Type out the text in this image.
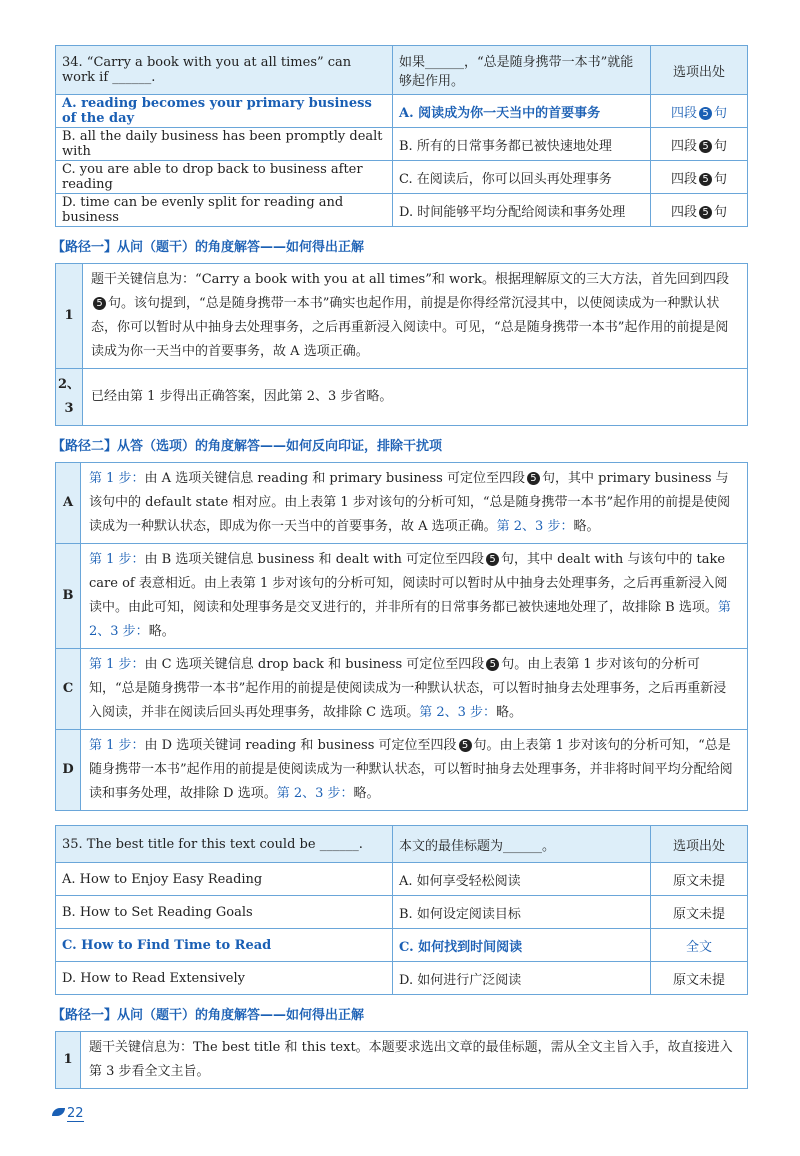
34. “Carry a book with you at all times” can work if ______.	如果______，“总是随身携带一本书”就能够起作用。	选项出处
A. reading becomes your primary business of the day	A. 阅读成为你一天当中的首要事务	四段 5 句
B. all the daily business has been promptly dealt with	B. 所有的日常事务都已被快速地处理	四段 5 句
C. you are able to drop back to business after reading	C. 在阅读后，你可以回头再处理事务	四段 5 句
D. time can be evenly split for reading and business	D. 时间能够平均分配给阅读和事务处理	四段 5 句
【路径一】从问（题干）的角度解答——如何得出正解
1	题干关键信息为：“Carry a book with you at all times”和 work。根据理解原文的三大方法，首先回到四段5 句。该句提到，“总是随身携带一本书”确实也起作用，前提是你得经常沉浸其中，以使阅读成为一种默认状态，你可以暂时从中抽身去处理事务，之后再重新浸入阅读中。可见，“总是随身携带一本书”起作用的前提是阅读成为你一天当中的首要事务，故 A 选项正确。
2、3	已经由第 1 步得出正确答案，因此第 2、3 步省略。
【路径二】从答（选项）的角度解答——如何反向印证，排除干扰项
A	第 1 步：由 A 选项关键信息 reading 和 primary business 可定位至四段 5 句，其中 primary business 与该句中的 default state 相对应。由上表第 1 步对该句的分析可知，“总是随身携带一本书”起作用的前提是使阅读成为一种默认状态，即成为你一天当中的首要事务，故 A 选项正确。第 2、3 步：略。
B	第 1 步：由 B 选项关键信息 business 和 dealt with 可定位至四段 5 句，其中 dealt with 与该句中的 take care of 表意相近。由上表第 1 步对该句的分析可知，阅读时可以暂时从中抽身去处理事务，之后再重新浸入阅读中。由此可知，阅读和处理事务是交叉进行的，并非所有的日常事务都已被快速地处理了，故排除 B 选项。第 2、3 步：略。
C	第 1 步：由 C 选项关键信息 drop back 和 business 可定位至四段 5 句。由上表第 1 步对该句的分析可知，“总是随身携带一本书”起作用的前提是使阅读成为一种默认状态，可以暂时抽身去处理事务，之后再重新浸入阅读，并非在阅读后回头再处理事务，故排除 C 选项。第 2、3 步：略。
D	第 1 步：由 D 选项关键词 reading 和 business 可定位至四段 5 句。由上表第 1 步对该句的分析可知，“总是随身携带一本书”起作用的前提是使阅读成为一种默认状态，可以暂时抽身去处理事务，并非将时间平均分配给阅读和事务处理，故排除 D 选项。第 2、3 步：略。
35. The best title for this text could be ______.	本文的最佳标题为______。	选项出处
A. How to Enjoy Easy Reading	A. 如何享受轻松阅读	原文未提
B. How to Set Reading Goals	B. 如何设定阅读目标	原文未提
C. How to Find Time to Read	C. 如何找到时间阅读	全文
D. How to Read Extensively	D. 如何进行广泛阅读	原文未提
【路径一】从问（题干）的角度解答——如何得出正解
1	题干关键信息为：The best title 和 this text。本题要求选出文章的最佳标题，需从全文主旨入手，故直接进入第 3 步看全文主旨。
22
